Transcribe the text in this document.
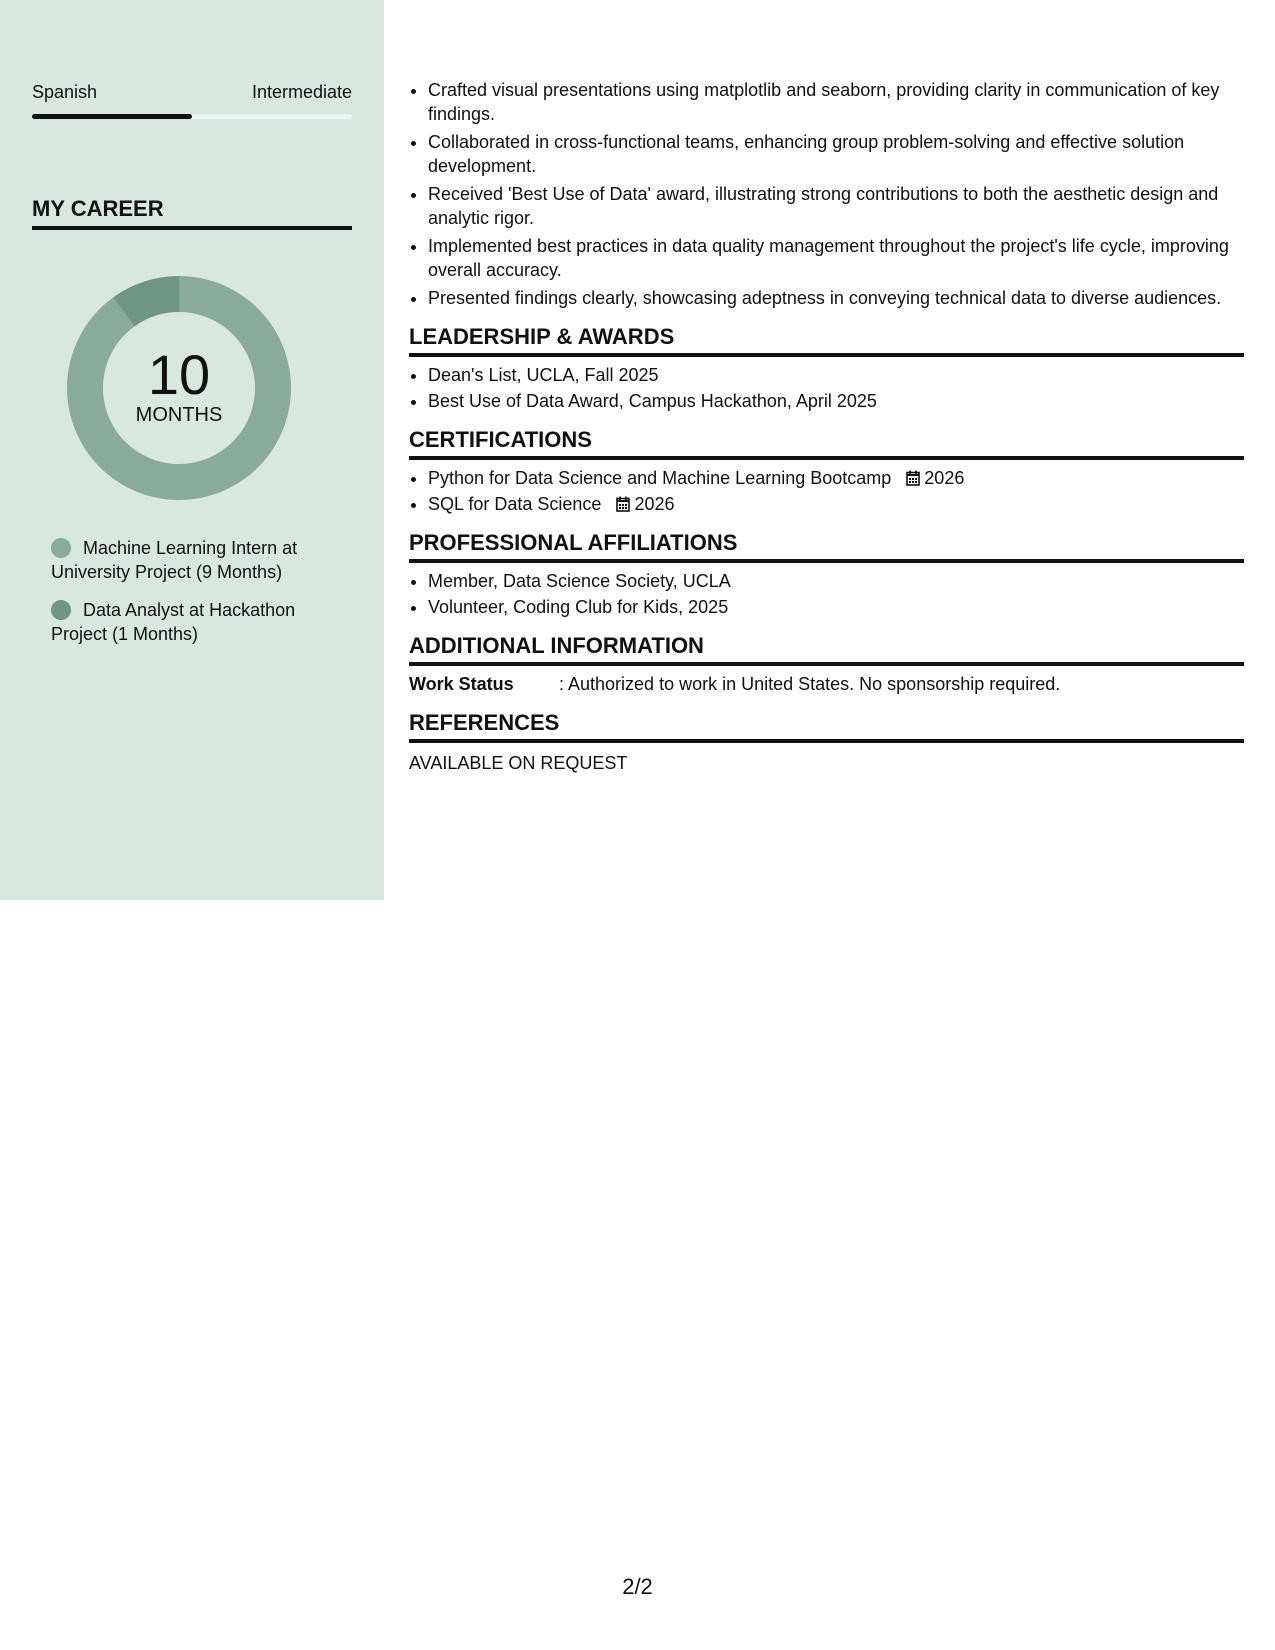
Spanish	Intermediate
MY CAREER
10
MONTHS
Machine Learning Intern at University Project (9 Months)
Data Analyst at Hackathon Project (1 Months)
• Crafted visual presentations using matplotlib and seaborn, providing clarity in communication of key findings.
• Collaborated in cross-functional teams, enhancing group problem-solving and effective solution development.
• Received 'Best Use of Data' award, illustrating strong contributions to both the aesthetic design and analytic rigor.
• Implemented best practices in data quality management throughout the project's life cycle, improving overall accuracy.
• Presented findings clearly, showcasing adeptness in conveying technical data to diverse audiences.
LEADERSHIP & AWARDS
• Dean's List, UCLA, Fall 2025
• Best Use of Data Award, Campus Hackathon, April 2025
CERTIFICATIONS
• Python for Data Science and Machine Learning Bootcamp 2026
• SQL for Data Science 2026
PROFESSIONAL AFFILIATIONS
• Member, Data Science Society, UCLA
• Volunteer, Coding Club for Kids, 2025
ADDITIONAL INFORMATION
Work Status	: Authorized to work in United States. No sponsorship required.
REFERENCES
AVAILABLE ON REQUEST
2/2
